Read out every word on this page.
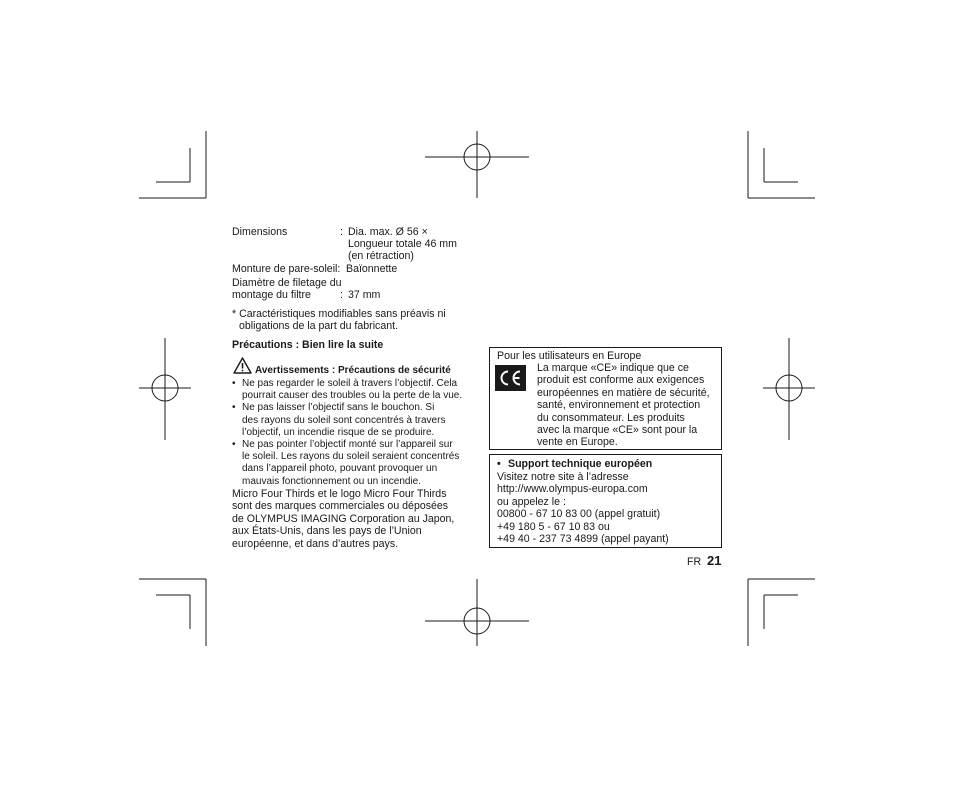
Dimensions	: Dia. max. Ø 56 ×
Longueur totale 46 mm
(en rétraction)
Monture de pare-soleil: Baïonnette
Diamètre de filetage du
montage du filtre	: 37 mm
* Caractéristiques modifiables sans préavis ni
obligations de la part du fabricant.
Précautions : Bien lire la suite
Avertissements : Précautions de sécurité
• Ne pas regarder le soleil à travers l’objectif. Cela
pourrait causer des troubles ou la perte de la vue.
• Ne pas laisser l’objectif sans le bouchon. Si
des rayons du soleil sont concentrés à travers
l’objectif, un incendie risque de se produire.
• Ne pas pointer l’objectif monté sur l’appareil sur
le soleil. Les rayons du soleil seraient concentrés
dans l’appareil photo, pouvant provoquer un
mauvais fonctionnement ou un incendie.
Micro Four Thirds et le logo Micro Four Thirds
sont des marques commerciales ou déposées
de OLYMPUS IMAGING Corporation au Japon,
aux États-Unis, dans les pays de l’Union
européenne, et dans d’autres pays.
Pour les utilisateurs en Europe
La marque «CE» indique que ce
produit est conforme aux exigences
européennes en matière de sécurité,
santé, environnement et protection
du consommateur. Les produits
avec la marque «CE» sont pour la
vente en Europe.
• Support technique européen
Visitez notre site à l’adresse
http://www.olympus-europa.com
ou appelez le :
00800 - 67 10 83 00 (appel gratuit)
+49 180 5 - 67 10 83 ou
+49 40 - 237 73 4899 (appel payant)
FR 21
